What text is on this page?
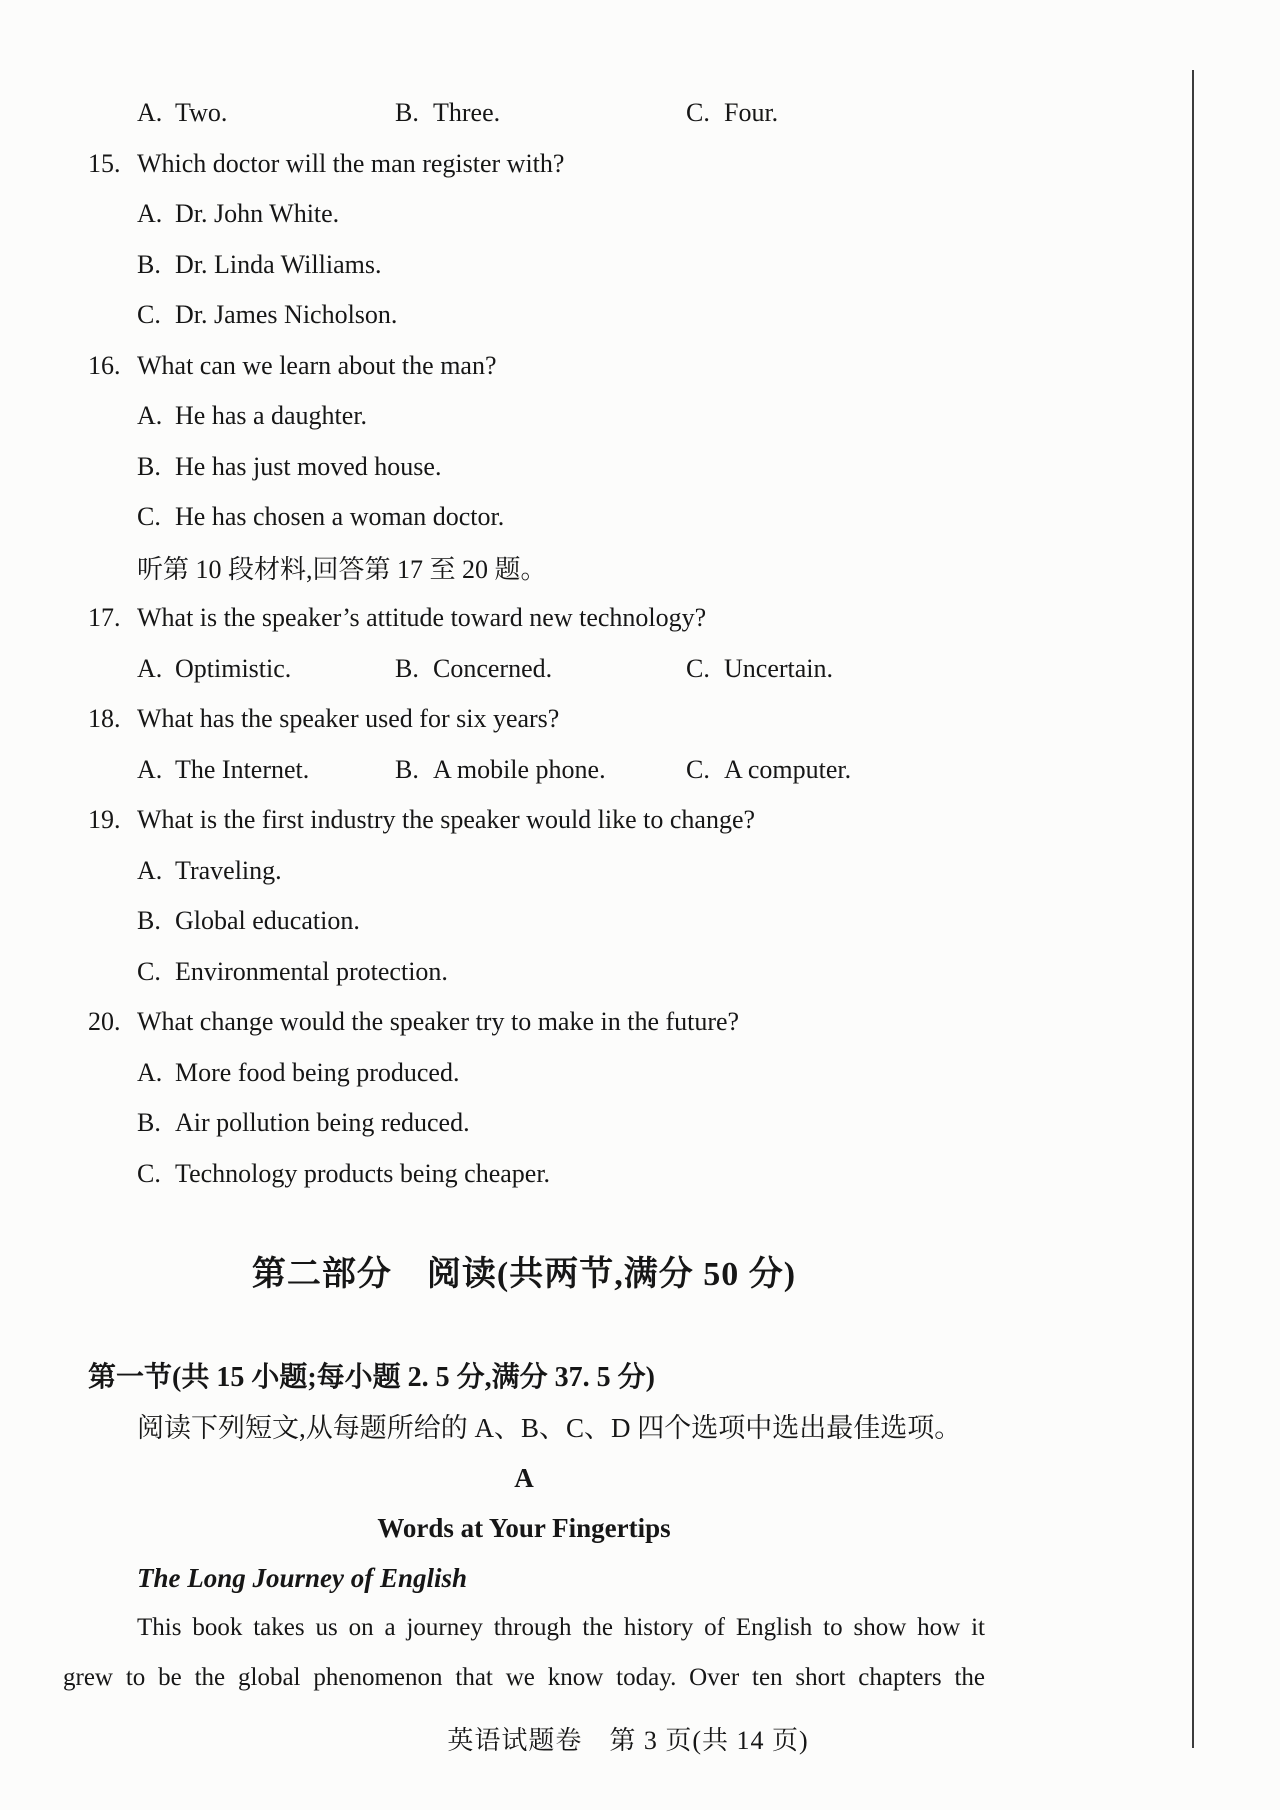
A. Two.	B. Three.	C. Four.
15. Which doctor will the man register with?
A. Dr. John White.
B. Dr. Linda Williams.
C. Dr. James Nicholson.
16. What can we learn about the man?
A. He has a daughter.
B. He has just moved house.
C. He has chosen a woman doctor.
听第 10 段材料,回答第 17 至 20 题。
17. What is the speaker’s attitude toward new technology?
A. Optimistic.	B. Concerned.	C. Uncertain.
18. What has the speaker used for six years?
A. The Internet.	B. A mobile phone.	C. A computer.
19. What is the first industry the speaker would like to change?
A. Traveling.
B. Global education.
C. Environmental protection.
20. What change would the speaker try to make in the future?
A. More food being produced.
B. Air pollution being reduced.
C. Technology products being cheaper.
第二部分　阅读(共两节,满分 50 分)
第一节(共 15 小题;每小题 2. 5 分,满分 37. 5 分)
阅读下列短文,从每题所给的 A、B、C、D 四个选项中选出最佳选项。
A
Words at Your Fingertips
The Long Journey of English
This book takes us on a journey through the history of English to show how it
grew to be the global phenomenon that we know today. Over ten short chapters the
英语试题卷　第 3 页(共 14 页)
